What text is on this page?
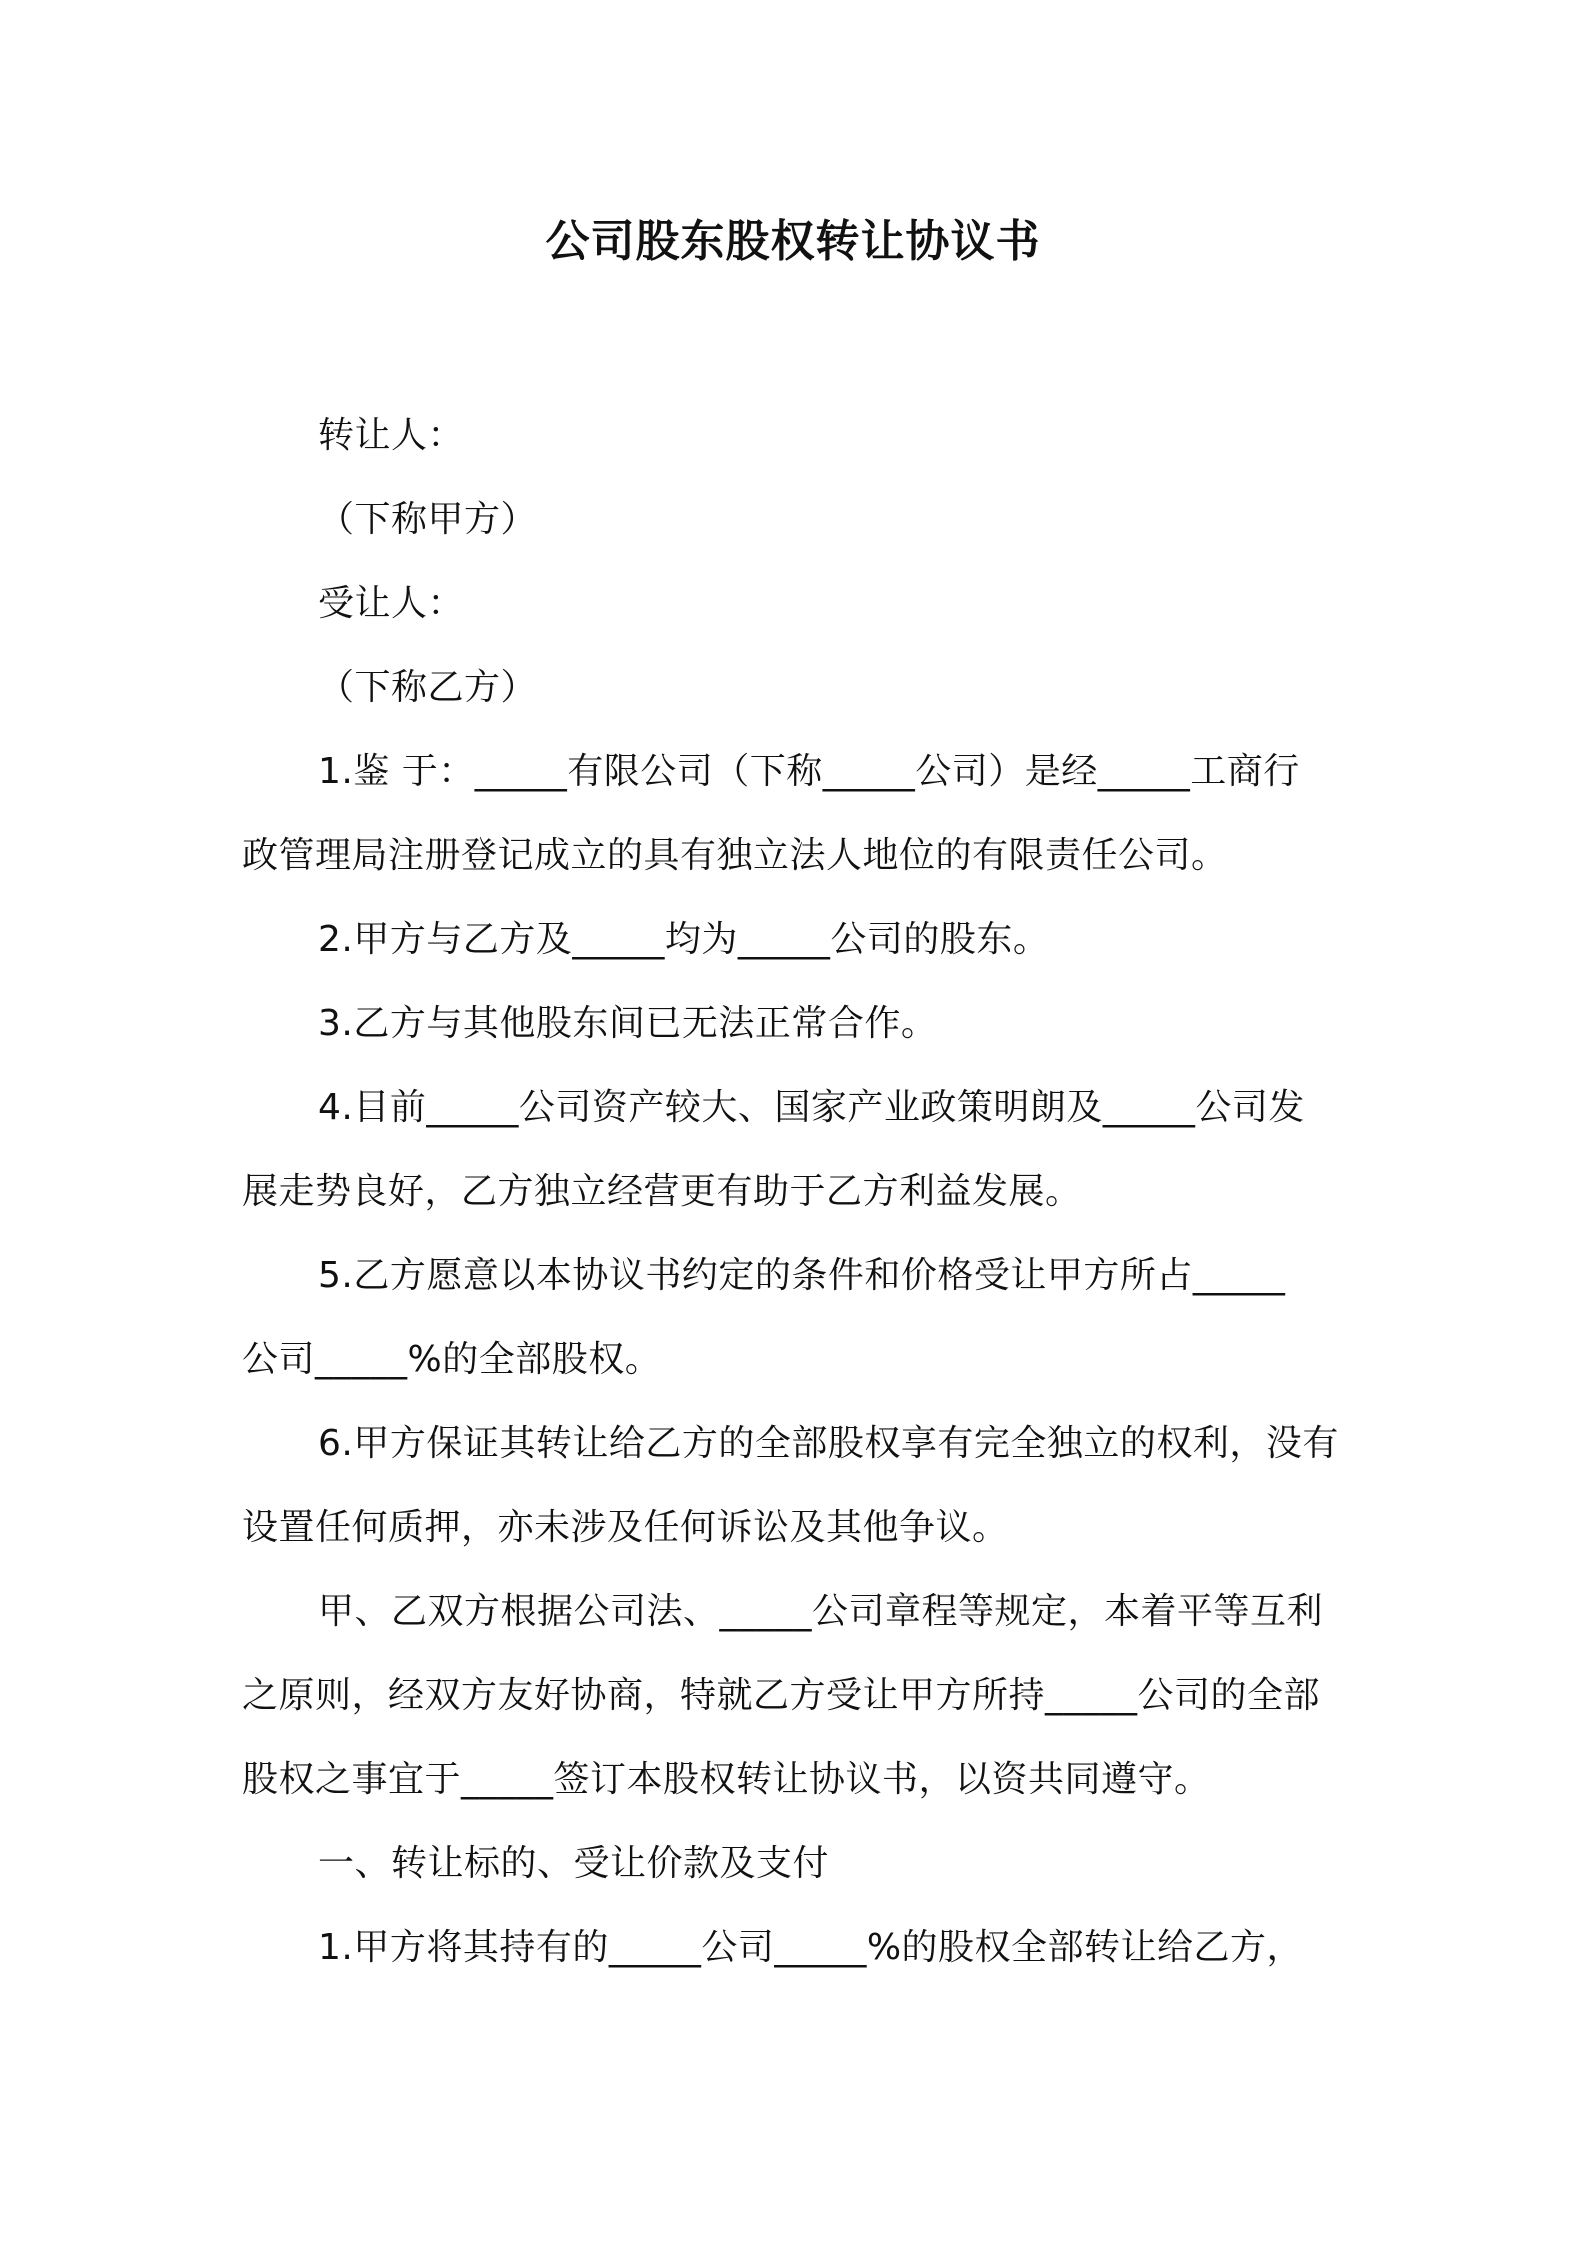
公司股东股权转让协议书
转让人：
（下称甲方）
受让人：
（下称乙方）
1.鉴 于：_____有限公司（下称_____公司）是经_____工商行
政管理局注册登记成立的具有独立法人地位的有限责任公司。
2.甲方与乙方及_____均为_____公司的股东。
3.乙方与其他股东间已无法正常合作。
4.目前_____公司资产较大、国家产业政策明朗及_____公司发
展走势良好，乙方独立经营更有助于乙方利益发展。
5.乙方愿意以本协议书约定的条件和价格受让甲方所占_____
公司_____%的全部股权。
6.甲方保证其转让给乙方的全部股权享有完全独立的权利，没有
设置任何质押，亦未涉及任何诉讼及其他争议。
甲、乙双方根据公司法、_____公司章程等规定，本着平等互利
之原则，经双方友好协商，特就乙方受让甲方所持_____公司的全部
股权之事宜于_____签订本股权转让协议书，以资共同遵守。
一、转让标的、受让价款及支付
1.甲方将其持有的_____公司_____%的股权全部转让给乙方，
